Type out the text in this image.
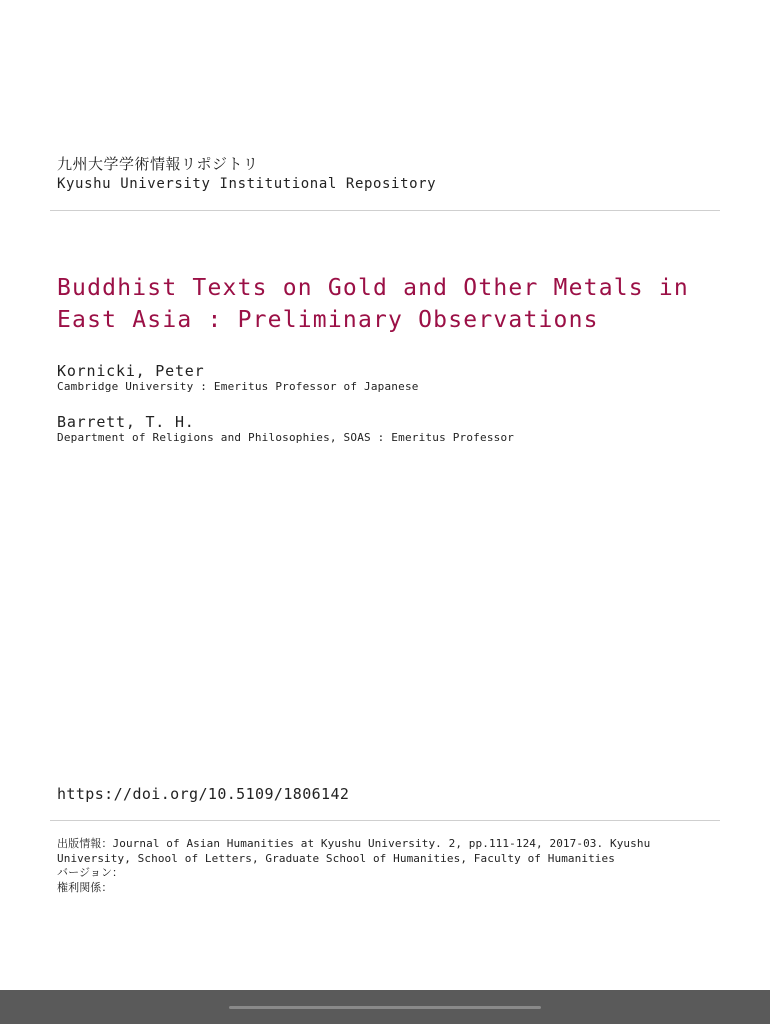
九州大学学術情報リポジトリ
Kyushu University Institutional Repository
Buddhist Texts on Gold and Other Metals in East Asia : Preliminary Observations
Kornicki, Peter
Cambridge University : Emeritus Professor of Japanese
Barrett, T. H.
Department of Religions and Philosophies, SOAS : Emeritus Professor
https://doi.org/10.5109/1806142
出版情報：Journal of Asian Humanities at Kyushu University. 2, pp.111-124, 2017-03. Kyushu
University, School of Letters, Graduate School of Humanities, Faculty of Humanities
バージョン：
権利関係：
